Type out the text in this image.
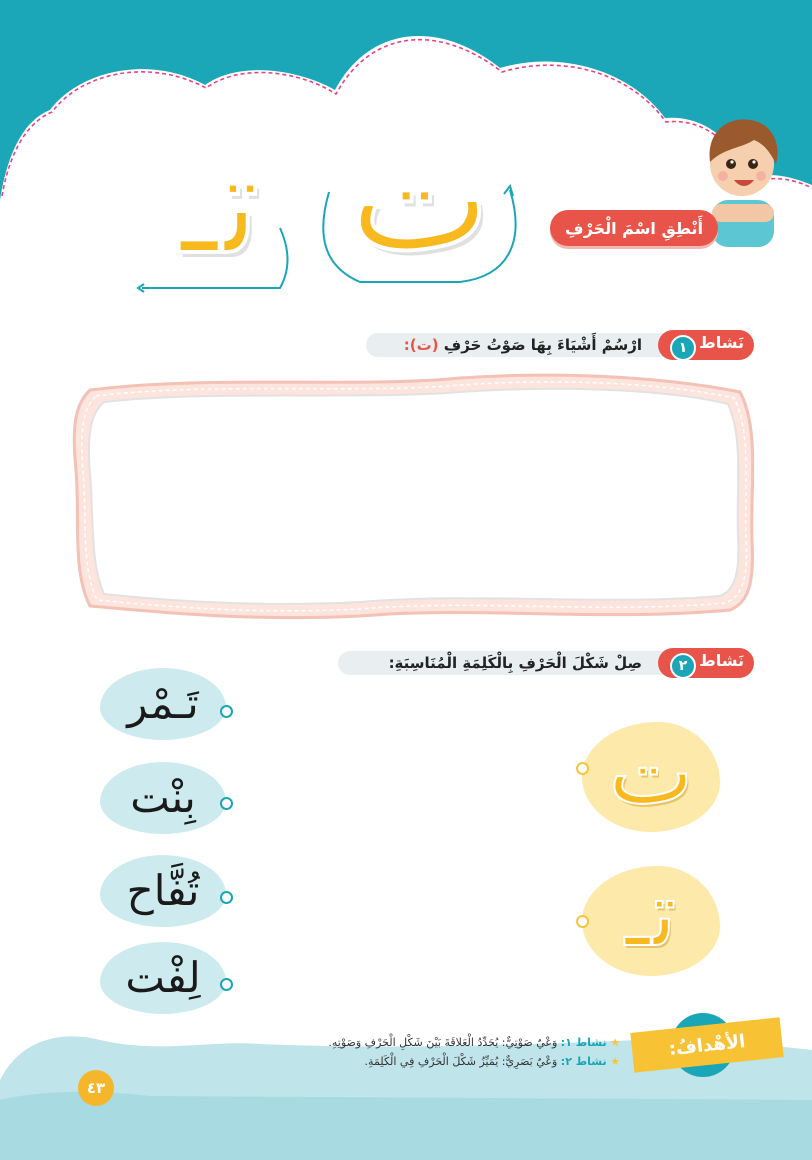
أَنْطِقِ اسْمَ الْحَرْفِ
تـ ت
نَشاط
١
ارْسُمْ أَشْيَاءَ بِهَا صَوْتُ حَرْفِ (ت):
نَشاط
٢
صِلْ شَكْلَ الْحَرْفِ بِالْكَلِمَةِ الْمُنَاسِبَةِ:
تَـمْر
بِنْت
تُفَّاح
لِفْت
ت
تـ
الأهْدافُ:
★ نشاط ١: وَعْيٌ صَوْتِيٌّ: يُحَدِّدُ الْعَلاقَةَ بَيْنَ شَكْلِ الْحَرْفِ وَصَوْتِهِ.
★ نشاط ٢: وَعْيٌ بَصَرِيٌّ: يُمَيِّزُ شَكْلَ الْحَرْفِ فِي الْكَلِمَةِ.
٤٣
